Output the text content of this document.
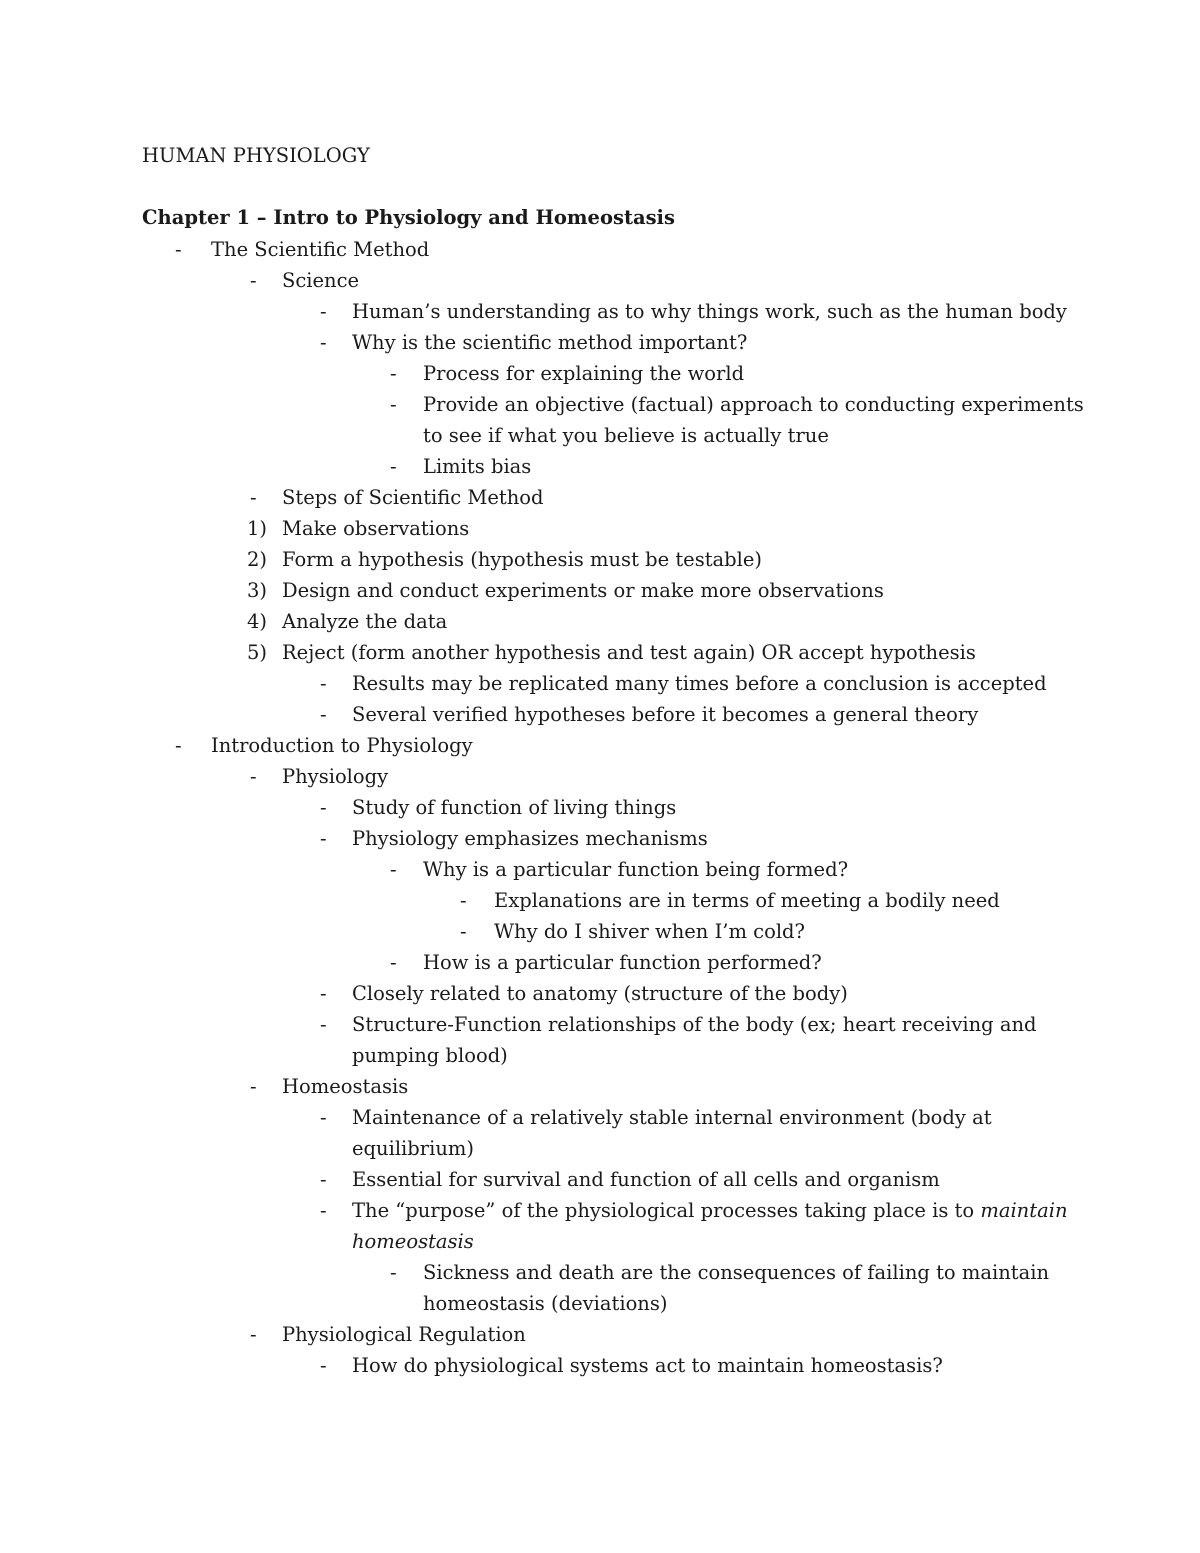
HUMAN PHYSIOLOGY
Chapter 1 – Intro to Physiology and Homeostasis
- The Scientific Method
- Science
- Human’s understanding as to why things work, such as the human body
- Why is the scientific method important?
- Process for explaining the world
- Provide an objective (factual) approach to conducting experiments
to see if what you believe is actually true
- Limits bias
- Steps of Scientific Method
1) Make observations
2) Form a hypothesis (hypothesis must be testable)
3) Design and conduct experiments or make more observations
4) Analyze the data
5) Reject (form another hypothesis and test again) OR accept hypothesis
- Results may be replicated many times before a conclusion is accepted
- Several verified hypotheses before it becomes a general theory
- Introduction to Physiology
- Physiology
- Study of function of living things
- Physiology emphasizes mechanisms
- Why is a particular function being formed?
- Explanations are in terms of meeting a bodily need
- Why do I shiver when I’m cold?
- How is a particular function performed?
- Closely related to anatomy (structure of the body)
- Structure-Function relationships of the body (ex; heart receiving and
pumping blood)
- Homeostasis
- Maintenance of a relatively stable internal environment (body at
equilibrium)
- Essential for survival and function of all cells and organism
- The “purpose” of the physiological processes taking place is to maintain
homeostasis
- Sickness and death are the consequences of failing to maintain
homeostasis (deviations)
- Physiological Regulation
- How do physiological systems act to maintain homeostasis?
